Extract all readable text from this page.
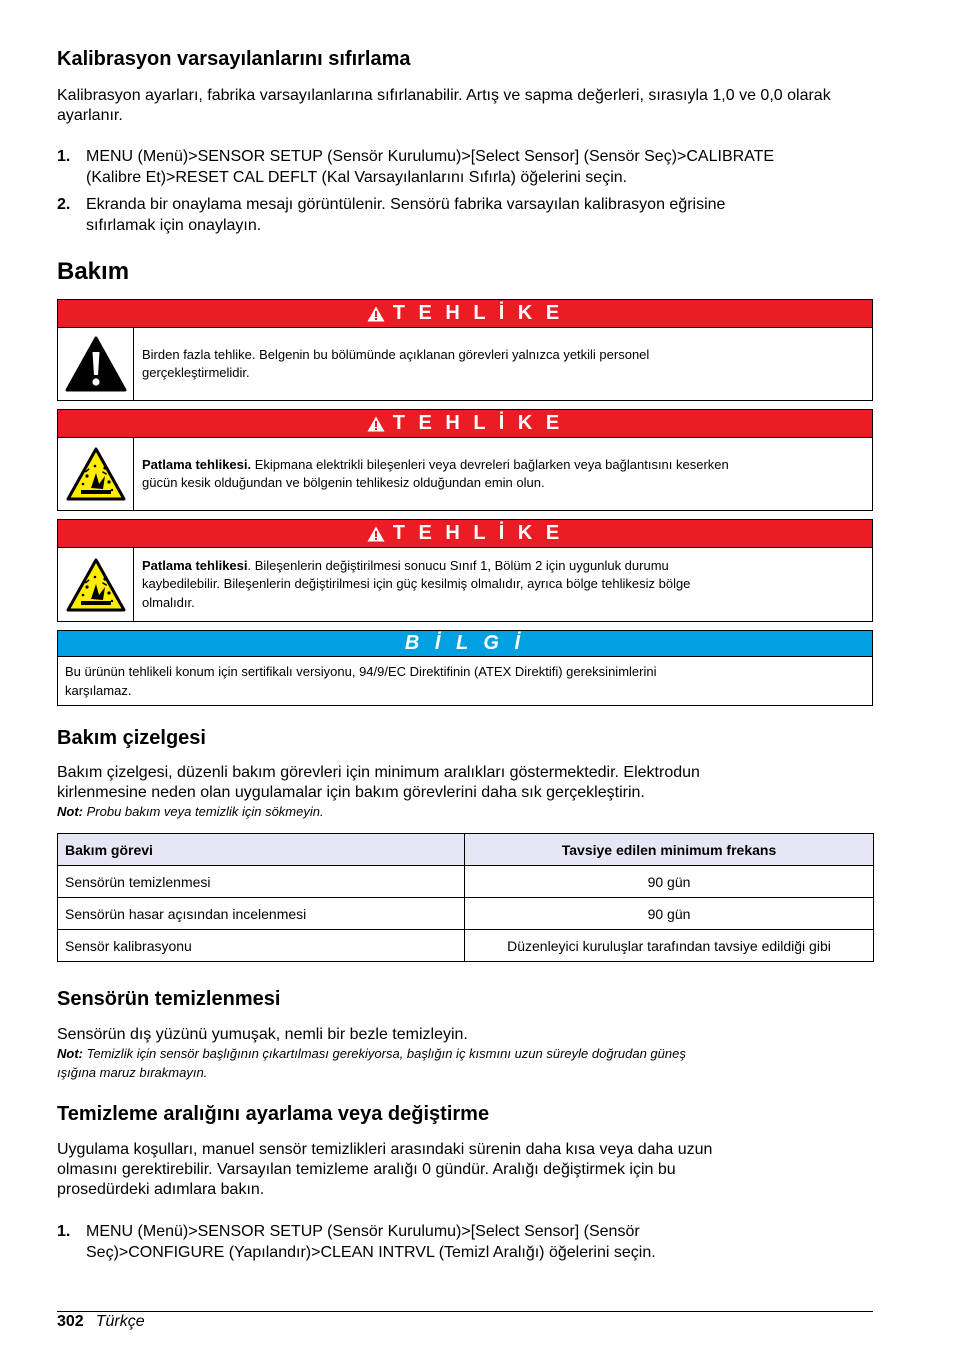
Kalibrasyon varsayılanlarını sıfırlama

Kalibrasyon ayarları, fabrika varsayılanlarına sıfırlanabilir. Artış ve sapma değerleri, sırasıyla 1,0 ve 0,0 olarak ayarlanır.

1. MENU (Menü)>SENSOR SETUP (Sensör Kurulumu)>[Select Sensor] (Sensör Seç)>CALIBRATE
(Kalibre Et)>RESET CAL DEFLT (Kal Varsayılanlarını Sıfırla) öğelerini seçin.
2. Ekranda bir onaylama mesajı görüntülenir. Sensörü fabrika varsayılan kalibrasyon eğrisine
sıfırlamak için onaylayın.
Bakım
T E H L İ K E
Birden fazla tehlike. Belgenin bu bölümünde açıklanan görevleri yalnızca yetkili personel
gerçekleştirmelidir.
T E H L İ K E
Patlama tehlikesi. Ekipmana elektrikli bileşenleri veya devreleri bağlarken veya bağlantısını keserken
gücün kesik olduğundan ve bölgenin tehlikesiz olduğundan emin olun.
T E H L İ K E
Patlama tehlikesi. Bileşenlerin değiştirilmesi sonucu Sınıf 1, Bölüm 2 için uygunluk durumu
kaybedilebilir. Bileşenlerin değiştirilmesi için güç kesilmiş olmalıdır, ayrıca bölge tehlikesiz bölge
olmalıdır.
B İ L G İ
Bu ürünün tehlikeli konum için sertifikalı versiyonu, 94/9/EC Direktifinin (ATEX Direktifi) gereksinimlerini
karşılamaz.
Bakım çizelgesi

Bakım çizelgesi, düzenli bakım görevleri için minimum aralıkları göstermektedir. Elektrodun
kirlenmesine neden olan uygulamalar için bakım görevlerini daha sık gerçekleştirin.

Not: Probu bakım veya temizlik için sökmeyin.

Bakım görevi	Tavsiye edilen minimum frekans
Sensörün temizlenmesi	90 gün
Sensörün hasar açısından incelenmesi	90 gün
Sensör kalibrasyonu	Düzenleyici kuruluşlar tarafından tavsiye edildiği gibi
Sensörün temizlenmesi

Sensörün dış yüzünü yumuşak, nemli bir bezle temizleyin.

Not: Temizlik için sensör başlığının çıkartılması gerekiyorsa, başlığın iç kısmını uzun süreyle doğrudan güneş
ışığına maruz bırakmayın.

Temizleme aralığını ayarlama veya değiştirme

Uygulama koşulları, manuel sensör temizlikleri arasındaki sürenin daha kısa veya daha uzun
olmasını gerektirebilir. Varsayılan temizleme aralığı 0 gündür. Aralığı değiştirmek için bu
prosedürdeki adımlara bakın.

1. MENU (Menü)>SENSOR SETUP (Sensör Kurulumu)>[Select Sensor] (Sensör
Seç)>CONFIGURE (Yapılandır)>CLEAN INTRVL (Temizl Aralığı) öğelerini seçin.
302 Türkçe
